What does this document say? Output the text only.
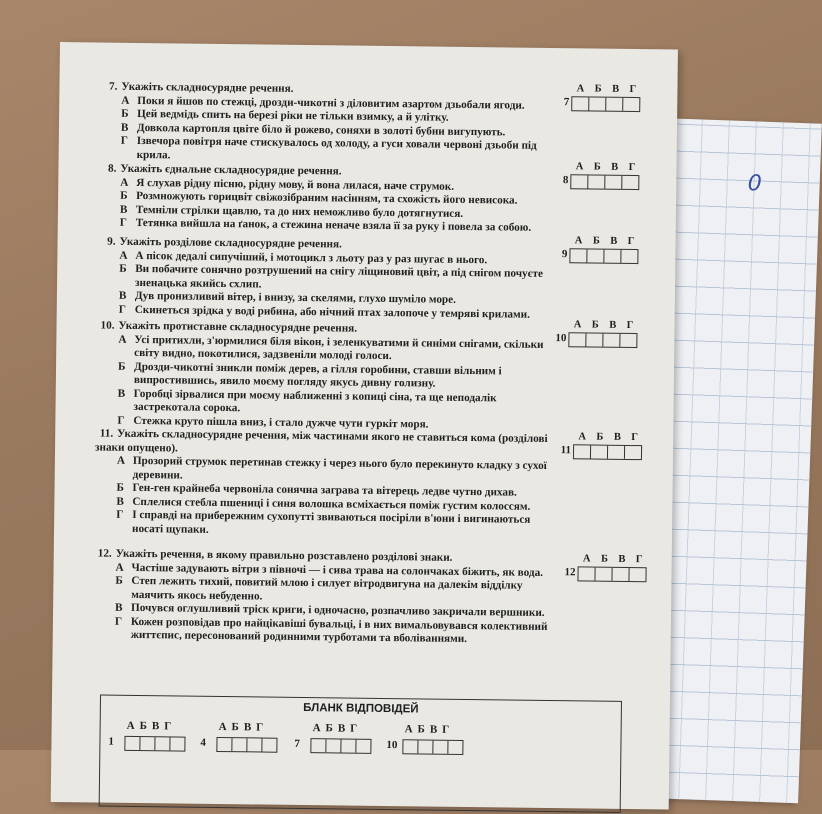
0
7. Укажіть складносурядне речення.
А Поки я йшов по стежці, дрозди-чикотні з діловитим азартом дзьобали ягоди.
Б Цей ведмідь спить на березі ріки не тільки взимку, а й улітку.
В Довкола картопля цвіте біло й рожево, соняхи в золоті бубни вигупують.
Г Ізвечора повітря наче стискувалось од холоду, а гуси ховали червоні дзьоби під крила.
А Б В Г
7
8. Укажіть єднальне складносурядне речення.
А Я слухав рідну пісню, рідну мову, й вона лилася, наче струмок.
Б Розмножують горицвіт свіжозібраним насінням, та схожість його невисока.
В Темніли стрілки щавлю, та до них неможливо було дотягнутися.
Г Тетянка вийшла на ґанок, а стежина неначе взяла її за руку і повела за собою.
А Б В Г
8
9. Укажіть розділове складносурядне речення.
А А пісок дедалі сипучіший, і мотоцикл з льоту раз у раз шугає в нього.
Б Ви побачите сонячно розтрушений на снігу ліщиновий цвіт, а під снігом почуєте зненацька якийсь схлип.
В Дув пронизливий вітер, і внизу, за скелями, глухо шуміло море.
Г Скинеться зрідка у воді рибина, або нічний птах залопоче у темряві крилами.
А Б В Г
9
10. Укажіть протиставне складносурядне речення.
А Усі притихли, з'юрмилися біля вікон, і зеленкуватими й синіми снігами, скільки світу видно, покотилися, задзвеніли молоді голоси.
Б Дрозди-чикотні зникли поміж дерев, а гілля горобини, ставши вільним і випростившись, явило моєму погляду якусь дивну голизну.
В Горобці зірвалися при моєму наближенні з копиці сіна, та ще неподалік застрекотала сорока.
Г Стежка круто пішла вниз, і стало дужче чути гуркіт моря.
А Б В Г
10
11. Укажіть складносурядне речення, між частинами якого не ставиться кома (розділові знаки опущено).
А Прозорий струмок перетинав стежку і через нього було перекинуто кладку з сухої деревини.
Б Ген-ген крайнеба червоніла сонячна заграва та вітерець ледве чутно дихав.
В Сплелися стебла пшениці і синя волошка всміхається поміж густим колоссям.
Г І справді на прибережним сухопутті звиваються посіріли в'юни і вигинаються носаті щупаки.
А Б В Г
11
12. Укажіть речення, в якому правильно розставлено розділові знаки.
А Частіше задувають вітри з півночі — і сива трава на солончаках біжить, як вода.
Б Степ лежить тихий, повитий млою і силует вітродвигуна на далекім відділку маячить якось небуденно.
В Почувся оглушливий тріск криги, і одночасно, розпачливо закричали вершники.
Г Кожен розповідав про найцікавіші бувальці, і в них вимальовувався колективний життєпис, пересонований родинними турботами та вболіваннями.
А Б В Г
12
БЛАНК ВІДПОВІДЕЙ
А Б В Г
1
А Б В Г
4
А Б В Г
7
А Б В Г
10
